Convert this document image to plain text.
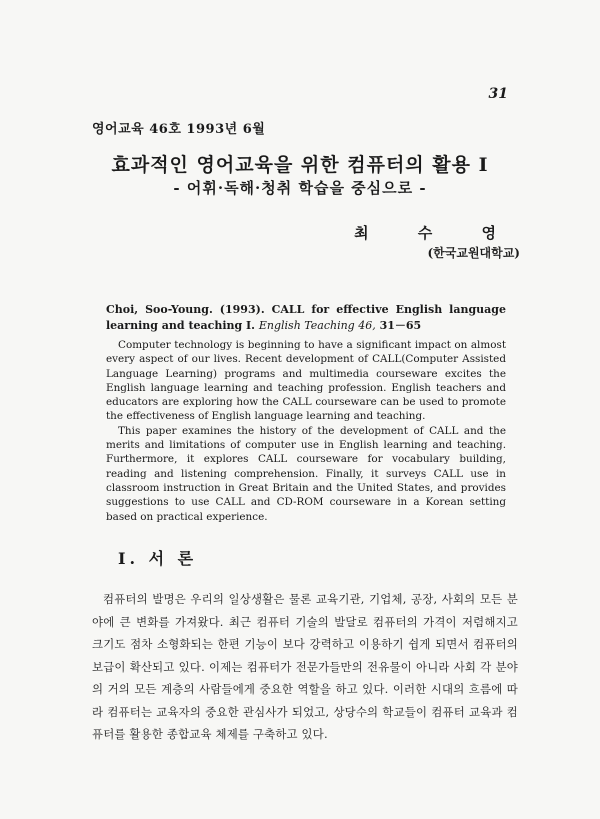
31
영어교육 46호 1993년 6월
효과적인 영어교육을 위한 컴퓨터의 활용 I
- 어휘·독해·청취 학습을 중심으로 -
최 수 영
(한국교원대학교)
Choi, Soo-Young. (1993). CALL for effective English language learning and teaching I. English Teaching 46, 31－65

Computer technology is beginning to have a significant impact on almost every aspect of our lives. Recent development of CALL(Computer Assisted Language Learning) programs and multimedia courseware excites the English language learning and teaching profession. English teachers and educators are exploring how the CALL courseware can be used to promote the effectiveness of English language learning and teaching.

This paper examines the history of the development of CALL and the merits and limitations of computer use in English learning and teaching. Furthermore, it explores CALL courseware for vocabulary building, reading and listening comprehension. Finally, it surveys CALL use in classroom instruction in Great Britain and the United States, and provides suggestions to use CALL and CD-ROM courseware in a Korean setting based on practical experience.

I. 서 론

컴퓨터의 발명은 우리의 일상생활은 물론 교육기관, 기업체, 공장, 사회의 모든 분야에 큰 변화를 가져왔다. 최근 컴퓨터 기술의 발달로 컴퓨터의 가격이 저렴해지고 크기도 점차 소형화되는 한편 기능이 보다 강력하고 이용하기 쉽게 되면서 컴퓨터의 보급이 확산되고 있다. 이제는 컴퓨터가 전문가들만의 전유물이 아니라 사회 각 분야의 거의 모든 계층의 사람들에게 중요한 역할을 하고 있다. 이러한 시대의 흐름에 따라 컴퓨터는 교육자의 중요한 관심사가 되었고, 상당수의 학교들이 컴퓨터 교육과 컴퓨터를 활용한 종합교육 체제를 구축하고 있다.
